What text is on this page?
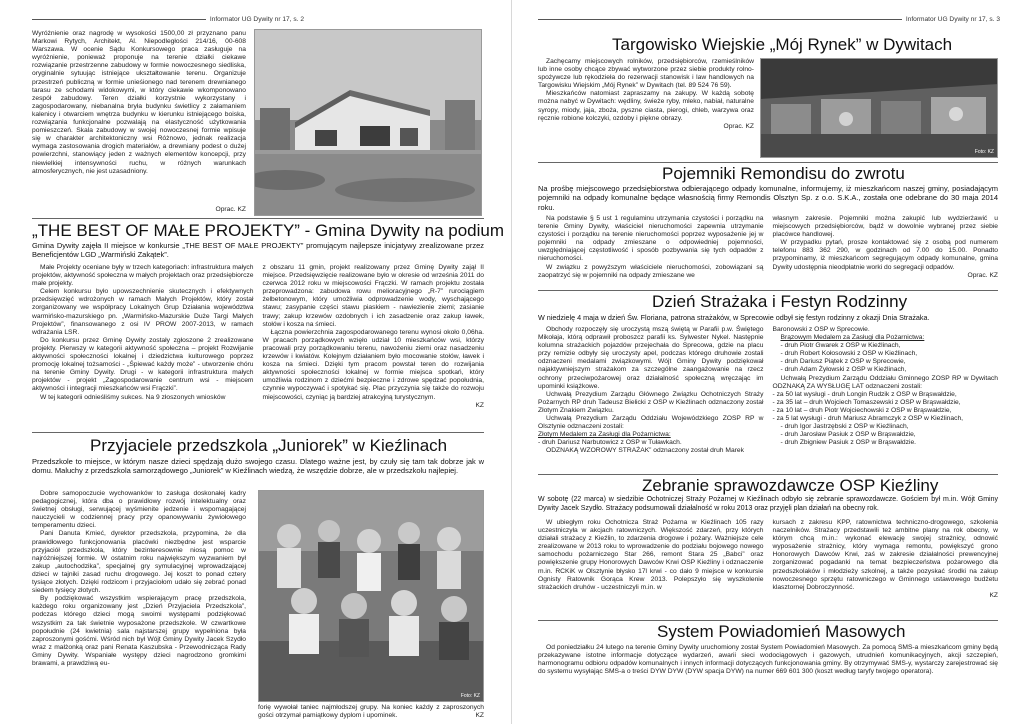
Informator UG Dywity nr 17, s. 2

Wyróżnienie oraz nagrodę w wysokości 1500,00 zł przyznano panu Markowi Rytych, Architekt, Al. Niepodległości 214/16, 00-608 Warszawa. W ocenie Sądu Konkursowego praca zasługuje na wyróżnienie, ponieważ proponuje na terenie działki ciekawe rozwiązanie przestrzenne zabudowy w formie nowoczesnego siedliska, oryginalnie sytuując istniejące ukształtowanie terenu. Organizuje przestrzeń publiczną w formie unieśionego nad terenem drewnianego tarasu ze schodami widokowymi, w który ciekawie wkomponowano zespół zabudowy. Teren działki korzystnie wykorzystany i zagospodarowany, niebanalna bryła budynku świetlicy z załamaniem kalenicy i otwarciem wnętrza budynku w kierunku istniejącego boiska, rozwiązania funkcjonalne pozwalają na elastyczność użytkowania pomieszczeń. Skala zabudowy w swojej nowoczesnej formie wpisuje się w charakter architektoniczny wsi Różnowo, jednak realizacja wymaga zastosowania drogich materiałów, a drewniany podest o dużej powierzchni, stanowiący jeden z ważnych elementów koncepcji, przy niewielkiej intensywności ruchu, w różnych warunkach atmosferycznych, nie jest uzasadniony.

Oprac. KZ
„THE BEST OF MAŁE PROJEKTY” - Gmina Dywity na podium
Gmina Dywity zajęła II miejsce w konkursie „THE BEST OF MAŁE PROJEKTY” promującym najlepsze inicjatywy zrealizowane przez Beneficjentów LGD „Warmiński Zakątek”.

Małe Projekty oceniane były w trzech kategoriach: infrastruktura małych projektów, aktywność społeczna w małych projektach oraz przedsiębiorcze małe projekty.

Celem konkursu było upowszechnienie skutecznych i efektywnych przedsięwzięć wdrożonych w ramach Małych Projektów, który został zorganizowany we współpracy Lokalnych Grup Działania województwa warmińsko-mazurskiego pn. „Warmińsko-Mazurskie Duże Targi Małych Projektów”, finansowanego z osi IV PROW 2007-2013, w ramach wdrażania LSR.

Do konkursu przez Gminę Dywity zostały zgłoszone 2 zrealizowane projekty. Pierwszy w kategorii aktywność społeczna – projekt Rozwijanie aktywności społeczności lokalnej i dziedzictwa kulturowego poprzez promocję lokalnej tożsamości - „Śpiewać każdy może” - utworzenie chóru na terenie Gminy Dywity. Drugi - w kategorii infrastruktura małych projektów - projekt „Zagospodarowanie centrum wsi - miejscem aktywności i integracji mieszkańców wsi Frączki”.

W tej kategorii odnieśliśmy sukces. Na 9 złoszonych wniosków

z obszaru 11 gmin, projekt realizowany przez Gminę Dywity zajął II miejsce. Przedsięwzięcie realizowane było w okresie od września 2011 do czerwca 2012 roku w miejscowości Frączki. W ramach projektu została przeprowadzona: zabudowa rowu melioracyjnego „R-7” rurociągiem żelbetonowym, który umożliwia odprowadzenie wody, wyschającego stawu; zasypanie części stawu piaskiem - nawiezienie ziemi; zasianie trawy; zakup krzewów ozdobnych i ich zasadzenie oraz zakup ławek, stołów i kosza na śmieci.

Łączna powierzchnia zagospodarowanego terenu wynosi około 0,06ha. W pracach porządkowych wzięło udział 10 mieszkańców wsi, którzy pracowali przy porządkowaniu terenu, nawożeniu ziemi oraz nasadzeniu krzewów i kwiatów. Kolejnym działaniem było mocowanie stołów, ławek i kosza na śmieci. Dzięki tym pracom powstał teren do rozwijania aktywności społeczności lokalnej w formie miejsca spotkań, który umożliwia rodzinom z dziećmi bezpieczne i zdrowe spędzać popołudnia, czynnie wypoczywać i spotykać się. Plac przyczynia się także do rozwoju miejscowości, czyniąc ją bardziej atrakcyjną turystycznym.

KZ

Przyjaciele przedszkola „Juniorek” w Kieźlinach
Przedszkole to miejsce, w którym nasze dzieci spędzają dużo swojego czasu. Dlatego ważne jest, by czuły się tam tak dobrze jak w domu. Maluchy z przedszkola samorządowego „Juniorek” w Kieźlinach wiedzą, że wszędzie dobrze, ale w przedszkolu najlepiej.

Dobre samopoczucie wychowanków to zasługa doskonałej kadry pedagogicznej, która dba o prawidłowy rozwój intelektualny oraz świetnej obsługi, serwującej wyśmienite jedzenie i wspomagającej nauczycieli w codziennej pracy przy opanowywaniu żywiołowego temperamentu dzieci.

Pani Danuta Kmieć, dyrektor przedszkola, przypomina, że dla prawidłowego funkcjonowania placówki niezbędne jest wsparcie przyjaciół przedszkola, który bezinteresownie niosą pomoc w najróżniejszej formie. W ostatnim roku największym wyzwaniem był zakup „autochodzika”, specjalnej gry symulacyjnej wprowadzającej dzieci w tajniki zasad ruchu drogowego. Jej koszt to ponad cztery tysiące złotych. Dzięki rodzicom i przyjaciołom udało się zebrać ponad siedem tysięcy złotych.

By podziękować wszystkim wspierającym pracę przedszkola, każdego roku organizowany jest „Dzień Przyjaciela Przedszkola”, podczas którego dzieci mogą swoimi występami podziękować wszystkim za tak świetnie wyposażone przedszkole. W czwartkowe popołudnie (24 kwietnia) sala najstarszej grupy wypełniona była zaproszonymi gośćmi. Wśród nich był Wójt Gminy Dywity Jacek Szydło wraz z małżonką oraz pani Renata Kaszubska - Przewodnicząca Rady Gminy Dywity. Wspaniałe występy dzieci nagrodzono gromkimi brawami, a prawdziwą eu-

Foto: KZ

forię wywołał taniec najmłodszej grupy. Na koniec każdy z zaproszonych gości otrzymał pamiątkowy dyplom i upominek.	KZ
Informator UG Dywity nr 17, s. 3
Targowisko Wiejskie „Mój Rynek” w Dywitach

Zachęcamy miejscowych rolników, przedsiębiorców, rzemieślników lub inne osoby chcące zbywać wytworzone przez siebie produkty rolno-spożywcze lub rękodzieła do rezerwacji stanowisk i law handlowych na Targowisku Wiejskim „Mój Rynek” w Dywitach (tel. 89 524 76 59).

Mieszkańców natomiast zapraszamy na zakupy. W każdą sobotę można nabyć w Dywitach: wędliny, świeże ryby, mleko, nabiał, naturalne syropy, miody, jaja, zboża, pyszne ciasta, pierogi, chleb, warzywa oraz ręcznie robione kolczyki, ozdoby i piękne obrazy.

Oprac. KZ

Foto: KZ
Pojemniki Remondisu do zwrotu
Na prośbę miejscowego przedsiębiorstwa odbierającego odpady komunalne, informujemy, iż mieszkańcom naszej gminy, posiadającym pojemniki na odpady komunalne będące własnością firmy Remondis Olsztyn Sp. z o.o. S.K.A., została one odebrane do 30 maja 2014 roku.

Na podstawie § 5 ust 1 regulaminu utrzymania czystości i porządku na terenie Gminy Dywity, właściciel nieruchomości zapewnia utrzymanie czystości i porządku na terenie nieruchomości poprzez wyposażenie jej w pojemniki na odpady zmieszane o odpowiedniej pojemności, uwzględniającej częstotliwość i sposób pozbywania się tych odpadów z nieruchomości.

W związku z powyższym właściciele nieruchomości, zobowiązani są zaopatrzyć się w pojemniki na odpady zmieszane we

własnym zakresie. Pojemniki można zakupić lub wydzierżawić u miejscowych przedsiębiorców, bądź w dowolnie wybranej przez siebie placówce handlowej.

W przypadku pytań, prosze kontaktować się z osobą pod numerem telefonu 883 362 290, w godzinach od 7.00 do 15.00. Ponadto przypominamy, iż mieszkańcom segregującym odpady komunalne, gmina Dywity udostępnia nieodpłatnie worki do segregacji odpadów.

Oprac. KZ

Dzień Strażaka i Festyn Rodzinny
W niedzielę 4 maja w dzień Św. Floriana, patrona strażaków, w Sprecowie odbył się festyn rodzinny z okazji Dnia Strażaka.

Obchody rozpoczęły się uroczystą mszą świętą w Parafii p.w. Świętego Mikołaja, którą odprawił proboszcz parafii ks. Sylwester Nykel. Następnie kolumna strażackich pojazdów przejechała do Sprecowa, gdzie na placu przy remizie odbyły się uroczysty apel, podczas którego druhowie zostali odznaczeni medalami związkowymi. Wójt Gminy Dywity podziękował najaktywniejszym strażakom za szczególne zaangażowanie na rzecz ochrony przeciwpożarowej oraz działalność społeczną wręczając im upominki książkowe.

Uchwałą Prezydium Zarządu Głównego Związku Ochotniczych Straży Pożarnych RP druh Tadeusz Bielicki z OSP w Kieźlinach odznaczony został Złotym Znakiem Związku.

Uchwałą Prezydium Zarządu Oddziału Wojewódzkiego ZOSP RP w Olsztynie odznaczeni zostali:

Złotym Medalem za Zasługi dla Pożarnictwa:

- druh Dariusz Narbutowicz z OSP w Tuławkach.

ODZNAKĄ WZOROWY STRAŻAK” odznaczony został druh Marek

Baronowski z OSP w Sprecowie.

Brązowym Medalem za Zasługi dla Pożarnictwa:

- druh Piotr Gwarek z OSP w Kieźlinach,

- druh Robert Kołosowski z OSP w Kieźlinach,

- druh Dariusz Piątek z OSP w Sprecowie,

- druh Adam Żyłowski z OSP w Kieźlinach,

Uchwałą Prezydium Zarządu Oddziału Gminnego ZOSP RP w Dywitach ODZNAKĄ ZA WYSŁUGĘ LAT odznaczeni zostali:

- za 50 lat wysługi - druh Longin Rudzik z OSP w Brąswałdzie,

- za 35 lat – druh Wojciech Tomaszewski z OSP w Brąswałdzie,

- za 10 lat – druh Piotr Wojciechowski z OSP w Brąswałdzie,

- za 5 lat wysługi - druh Mariusz Abramczyk z OSP w Kieźlinach,

- druh Igor Jastrzębski z OSP w Kieźlinach,

- druh Jarosław Pasiuk z OSP w Brąswałdzie,

- druh Zbigniew Pasiuk z OSP w Brąswałdzie.

Zebranie sprawozdawcze OSP Kieźliny
W sobotę (22 marca) w siedzibie Ochotniczej Straży Pożarnej w Kieźlinach odbyło się zebranie sprawozdawcze. Gościem był m.in. Wójt Gminy Dywity Jacek Szydło. Strażacy podsumowali działalność w roku 2013 oraz przyjęli plan działań na obecny rok.

W ubiegłym roku Ochotnicza Straż Pożarna w Kieźlinach 105 razy uczestniczyła w akcjach ratowniczych. Większość zdarzeń, przy których działali strażacy z Kieźlin, to zdarzenia drogowe i pożary. Ważniejsze cele zrealizowane w 2013 roku to wprowadzenie do podziału bojowego nowego samochodu pożarniczego Star 266, remont Stara 25 „Babci” oraz powiększenie grupy Honorowych Dawców Krwi OSP Kieźliny i odznaczenie m.in. RCKiK w Olsztynie błysko 17l krwi - co dało 9 miejsce w konkursie Ognisty Ratownik Gorąca Krew 2013. Polepszyło się wyszkolenie strażackich druhów - uczestniczyli m.in. w

kursach z zakresu KPP, ratownictwa techniczno-drogowego, szkolenia naczelników. Strażacy przedstawili też ambitne plany na rok obecny, w którym chcą m.in.: wykonać elewację swojej strażnicy, odnowić wyposażenie strażnicy, który wymaga remontu, powiększyć grono Honorowych Dawców Krwi, zaś w zakresie działalności prewencyjnej zorganizować pogadanki na temat bezpieczeństwa pożarowego dla przedszkolaków i młodzieży szkolnej, a także pozyskać środki na zakup nowoczesnego sprzętu ratowniczego w Gminnego ustawowego budżetu klasztornej Dobroczynność.

KZ

System Powiadomień Masowych

Od poniedziałku 24 lutego na terenie Gminy Dywity uruchomiony został System Powiadomień Masowych. Za pomocą SMS-a mieszkańcom gminy będą przekazywane istotne informacje dotyczące wydarzeń, awarii sieci wodociągowych i gazowych, utrudnień komunikacyjnych, akcji szczepień, harmonogramu odbioru odpadów komunalnych i innych informacji dotyczących funkcjonowania gminy. By otrzymywać SMS-y, wystarczy zarejestrować się do systemu wysyłając SMS-a o treści DYW DYW (DYW spacja DYW) na numer 669 601 300 (koszt według taryfy twojego operatora).
